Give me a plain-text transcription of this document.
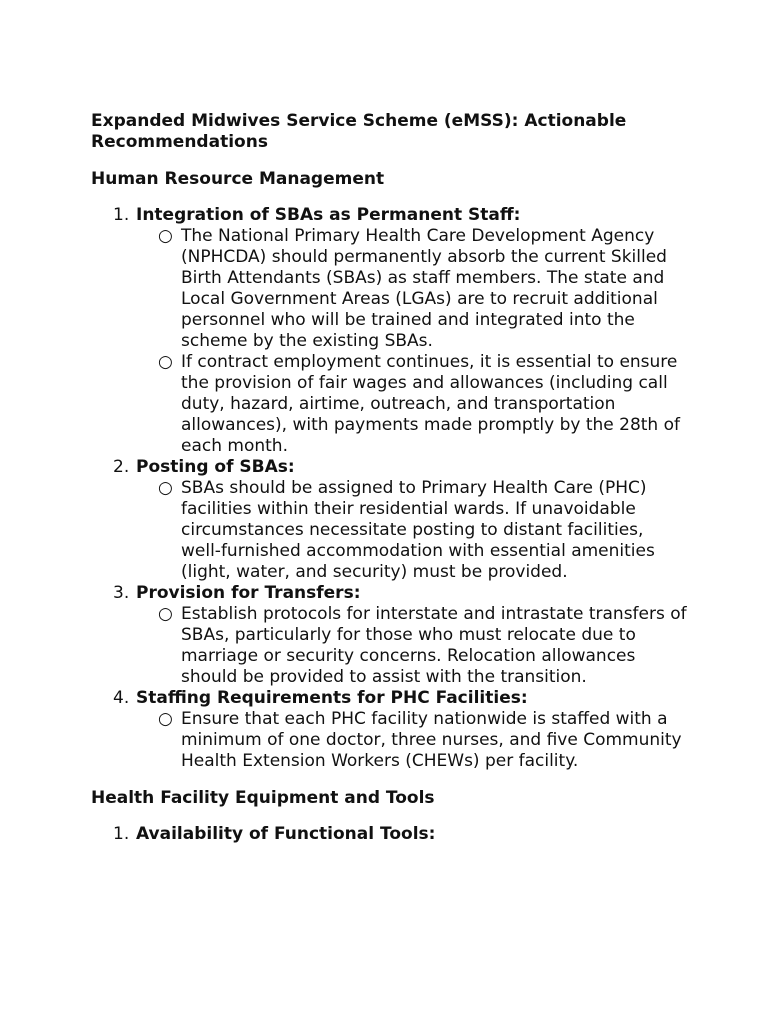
Expanded Midwives Service Scheme (eMSS): Actionable Recommendations
Human Resource Management
1. Integration of SBAs as Permanent Staff:
○ The National Primary Health Care Development Agency (NPHCDA) should permanently absorb the current Skilled Birth Attendants (SBAs) as staff members. The state and Local Government Areas (LGAs) are to recruit additional personnel who will be trained and integrated into the scheme by the existing SBAs.
○ If contract employment continues, it is essential to ensure the provision of fair wages and allowances (including call duty, hazard, airtime, outreach, and transportation allowances), with payments made promptly by the 28th of each month.
2. Posting of SBAs:
○ SBAs should be assigned to Primary Health Care (PHC) facilities within their residential wards. If unavoidable circumstances necessitate posting to distant facilities, well-furnished accommodation with essential amenities (light, water, and security) must be provided.
3. Provision for Transfers:
○ Establish protocols for interstate and intrastate transfers of SBAs, particularly for those who must relocate due to marriage or security concerns. Relocation allowances should be provided to assist with the transition.
4. Staffing Requirements for PHC Facilities:
○ Ensure that each PHC facility nationwide is staffed with a minimum of one doctor, three nurses, and five Community Health Extension Workers (CHEWs) per facility.
Health Facility Equipment and Tools
1. Availability of Functional Tools:
